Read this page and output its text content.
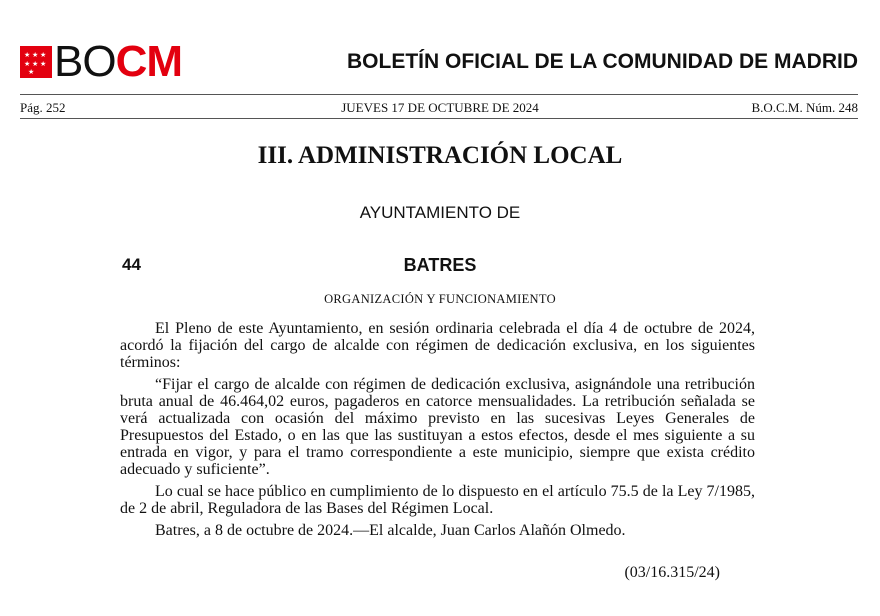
★ ★ ★
★ ★ ★
★ BOCM	BOLETÍN OFICIAL DE LA COMUNIDAD DE MADRID
Pág. 252	JUEVES 17 DE OCTUBRE DE 2024	B.O.C.M. Núm. 248
III. ADMINISTRACIÓN LOCAL
AYUNTAMIENTO DE
44	BATRES
ORGANIZACIÓN Y FUNCIONAMIENTO

El Pleno de este Ayuntamiento, en sesión ordinaria celebrada el día 4 de octubre de 2024, acordó la fijación del cargo de alcalde con régimen de dedicación exclusiva, en los siguientes términos:

“Fijar el cargo de alcalde con régimen de dedicación exclusiva, asignándole una retribución bruta anual de 46.464,02 euros, pagaderos en catorce mensualidades. La retribución señalada se verá actualizada con ocasión del máximo previsto en las sucesivas Leyes Generales de Presupuestos del Estado, o en las que las sustituyan a estos efectos, desde el mes siguiente a su entrada en vigor, y para el tramo correspondiente a este municipio, siempre que exista crédito adecuado y suficiente”.

Lo cual se hace público en cumplimiento de lo dispuesto en el artículo 75.5 de la Ley 7/1985, de 2 de abril, Reguladora de las Bases del Régimen Local.

Batres, a 8 de octubre de 2024.—El alcalde, Juan Carlos Alañón Olmedo.

(03/16.315/24)
